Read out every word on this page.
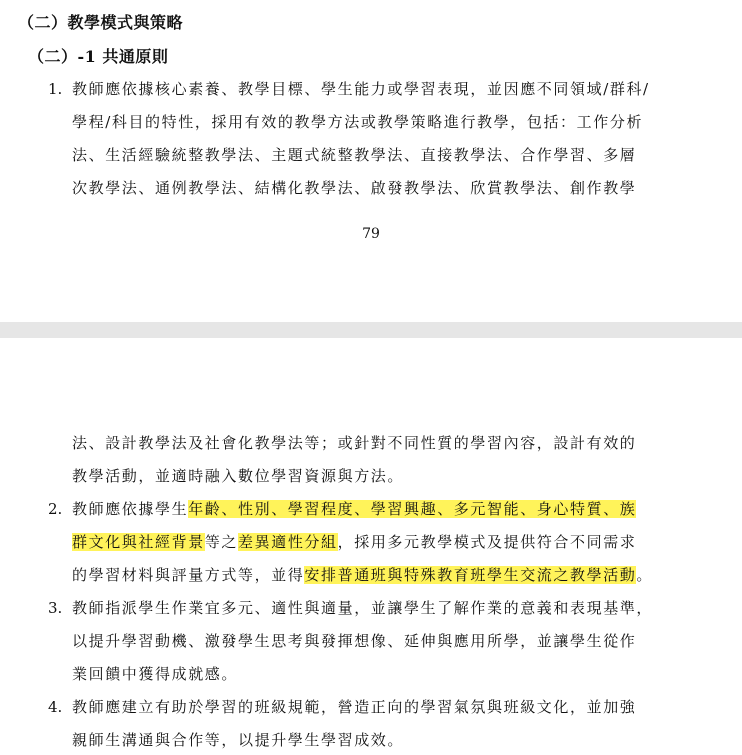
（二）教學模式與策略
（二）-1 共通原則
1. 教師應依據核心素養、教學目標、學生能力或學習表現，並因應不同領域/群科/
學程/科目的特性，採用有效的教學方法或教學策略進行教學，包括：工作分析
法、生活經驗統整教學法、主題式統整教學法、直接教學法、合作學習、多層
次教學法、通例教學法、結構化教學法、啟發教學法、欣賞教學法、創作教學
79
法、設計教學法及社會化教學法等；或針對不同性質的學習內容，設計有效的
教學活動，並適時融入數位學習資源與方法。
2. 教師應依據學生年齡、性別、學習程度、學習興趣、多元智能、身心特質、族
群文化與社經背景等之差異適性分組，採用多元教學模式及提供符合不同需求
的學習材料與評量方式等，並得安排普通班與特殊教育班學生交流之教學活動。
3. 教師指派學生作業宜多元、適性與適量，並讓學生了解作業的意義和表現基準，
以提升學習動機、激發學生思考與發揮想像、延伸與應用所學，並讓學生從作
業回饋中獲得成就感。
4. 教師應建立有助於學習的班級規範，營造正向的學習氣氛與班級文化，並加強
親師生溝通與合作等，以提升學生學習成效。
